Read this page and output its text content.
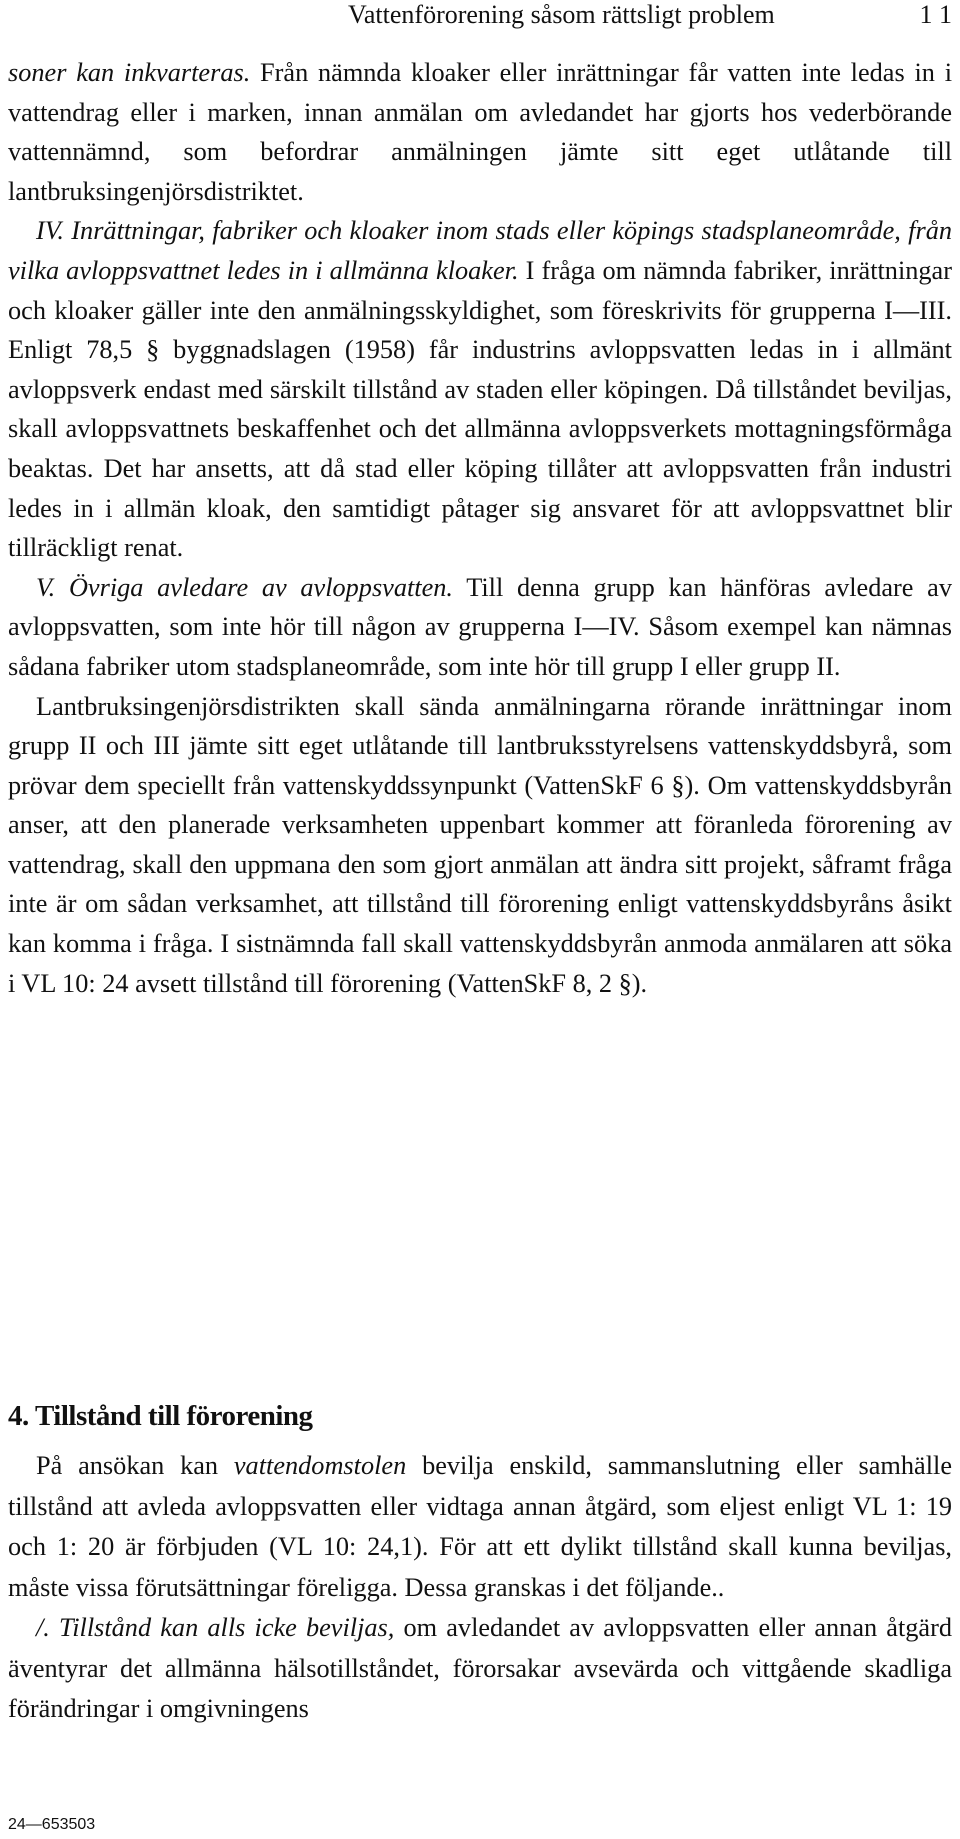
Vattenförorening såsom rättsligt problem	1 1

soner kan inkvarteras. Från nämnda kloaker eller inrättningar får vatten inte ledas in i vattendrag eller i marken, innan anmälan om avledandet har gjorts hos vederbörande vattennämnd, som befordrar anmälningen jämte sitt eget utlåtande till lantbruksingenjörsdistriktet.

IV. Inrättningar, fabriker och kloaker inom stads eller köpings stadsplaneområde, från vilka avloppsvattnet ledes in i allmänna kloaker. I fråga om nämnda fabriker, inrättningar och kloaker gäller inte den anmälningsskyldighet, som föreskrivits för grupperna I—III. Enligt 78,5 § byggnadslagen (1958) får industrins avloppsvatten ledas in i allmänt avloppsverk endast med särskilt tillstånd av staden eller köpingen. Då tillståndet beviljas, skall avloppsvattnets beskaffenhet och det allmänna avloppsverkets mottagningsförmåga beaktas. Det har ansetts, att då stad eller köping tillåter att avloppsvatten från industri ledes in i allmän kloak, den samtidigt påtager sig ansvaret för att avloppsvattnet blir tillräckligt renat.

V. Övriga avledare av avloppsvatten. Till denna grupp kan hänföras avledare av avloppsvatten, som inte hör till någon av grupperna I—IV. Såsom exempel kan nämnas sådana fabriker utom stadsplaneområde, som inte hör till grupp I eller grupp II.

Lantbruksingenjörsdistrikten skall sända anmälningarna rörande inrättningar inom grupp II och III jämte sitt eget utlåtande till lantbruksstyrelsens vattenskyddsbyrå, som prövar dem speciellt från vattenskyddssynpunkt (VattenSkF 6 §). Om vattenskyddsbyrån anser, att den planerade verksamheten uppenbart kommer att föranleda förorening av vattendrag, skall den uppmana den som gjort anmälan att ändra sitt projekt, såframt fråga inte är om sådan verksamhet, att tillstånd till förorening enligt vattenskyddsbyråns åsikt kan komma i fråga. I sistnämnda fall skall vattenskyddsbyrån anmoda anmälaren att söka i VL 10: 24 avsett tillstånd till förorening (VattenSkF 8, 2 §).

4. Tillstånd till förorening

På ansökan kan vattendomstolen bevilja enskild, sammanslutning eller samhälle tillstånd att avleda avloppsvatten eller vidtaga annan åtgärd, som eljest enligt VL 1: 19 och 1: 20 är förbjuden (VL 10: 24,1). För att ett dylikt tillstånd skall kunna beviljas, måste vissa förutsättningar föreligga. Dessa granskas i det följande..

/. Tillstånd kan alls icke beviljas, om avledandet av avloppsvatten eller annan åtgärd äventyrar det allmänna hälsotillståndet, förorsakar avsevärda och vittgående skadliga förändringar i omgivningens

24—653503
